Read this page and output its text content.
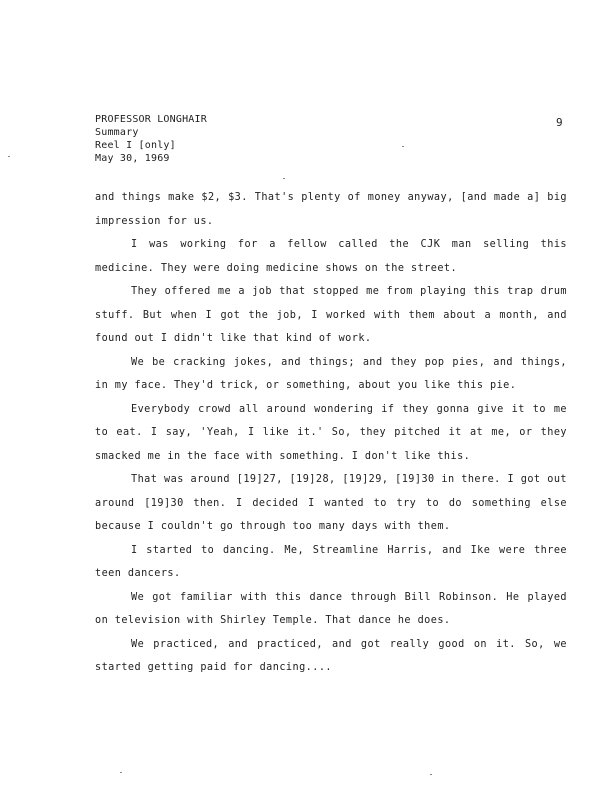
PROFESSOR LONGHAIR
Summary
Reel I [only]
May 30, 1969
9

and things make $2, $3. That's plenty of money anyway, [and made a] big impression for us.

I was working for a fellow called the CJK man selling this medicine. They were doing medicine shows on the street.

They offered me a job that stopped me from playing this trap drum stuff. But when I got the job, I worked with them about a month, and found out I didn't like that kind of work.

We be cracking jokes, and things; and they pop pies, and things, in my face. They'd trick, or something, about you like this pie.

Everybody crowd all around wondering if they gonna give it to me to eat. I say, 'Yeah, I like it.' So, they pitched it at me, or they smacked me in the face with something. I don't like this.

That was around [19]27, [19]28, [19]29, [19]30 in there. I got out around [19]30 then. I decided I wanted to try to do something else because I couldn't go through too many days with them.

I started to dancing. Me, Streamline Harris, and Ike were three teen dancers.

We got familiar with this dance through Bill Robinson. He played on television with Shirley Temple. That dance he does.

We practiced, and practiced, and got really good on it. So, we started getting paid for dancing....
